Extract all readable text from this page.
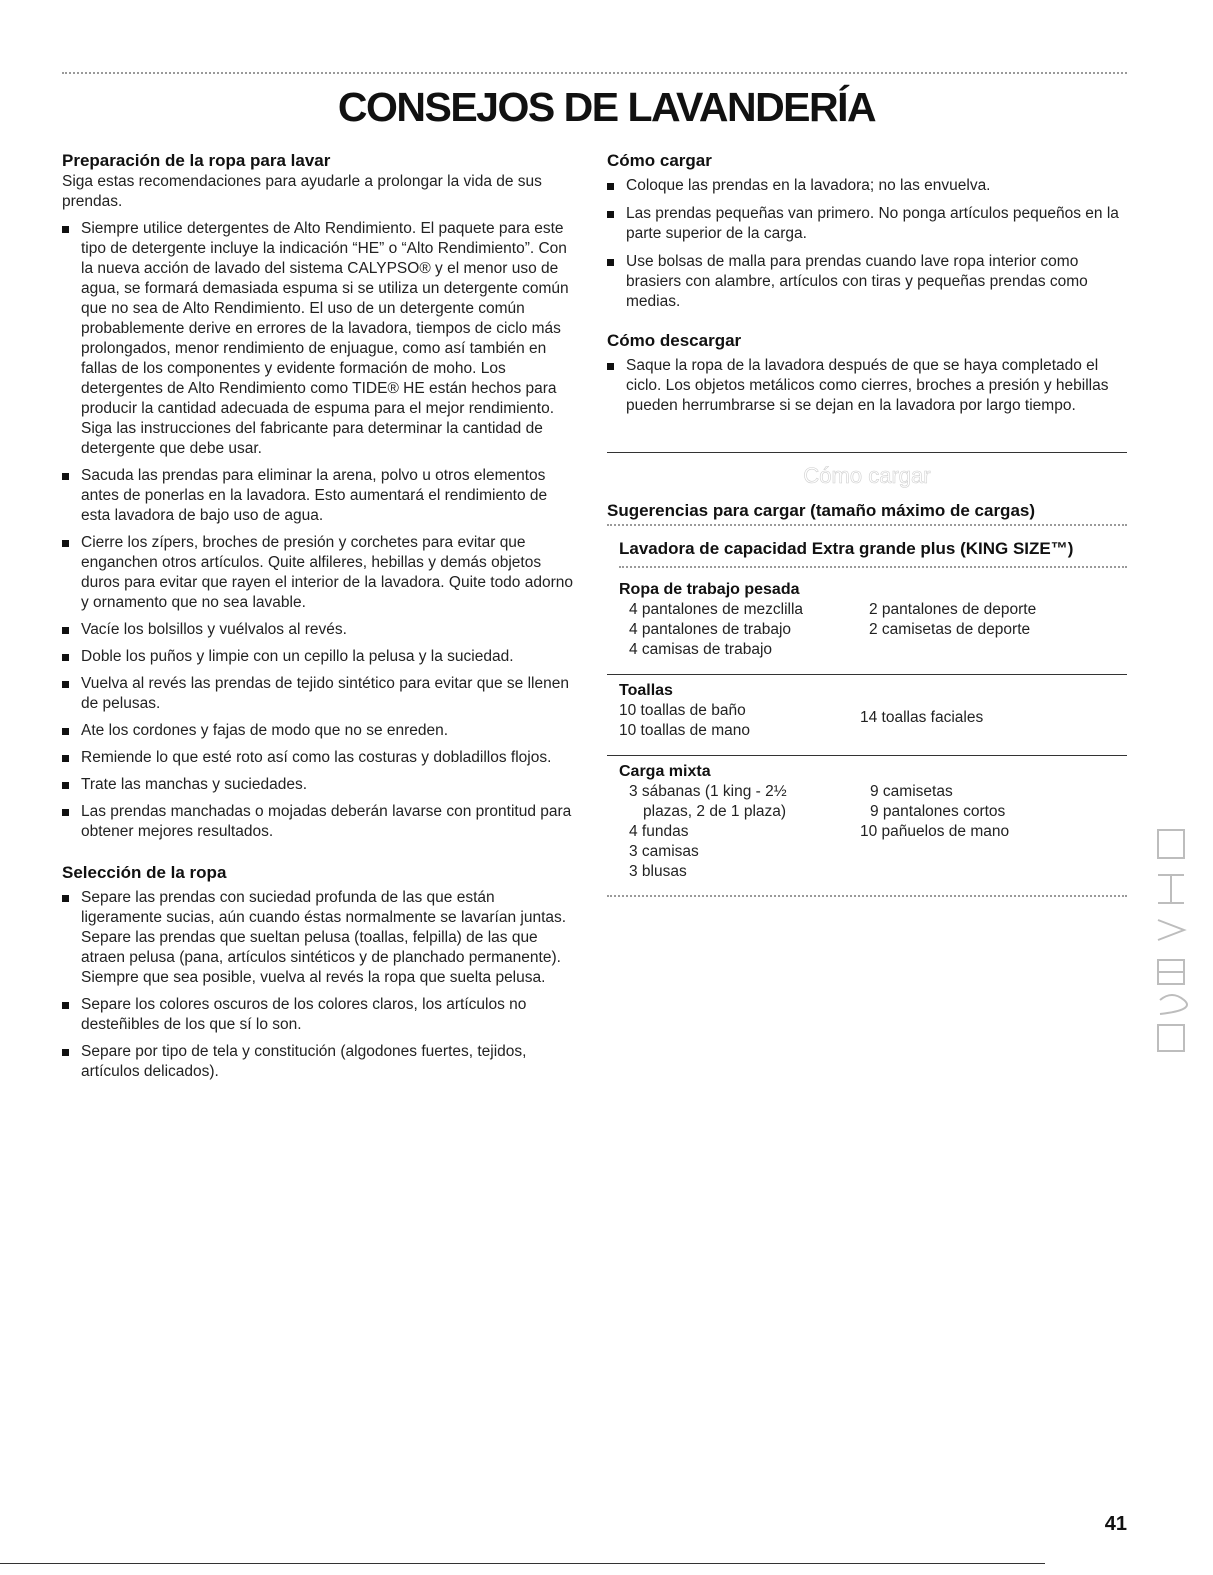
CONSEJOS DE LAVANDERÍA
Preparación de la ropa para lavar

Siga estas recomendaciones para ayudarle a prolongar la vida de sus prendas.

Siempre utilice detergentes de Alto Rendimiento. El paquete para este tipo de detergente incluye la indicación “HE” o “Alto Rendimiento”. Con la nueva acción de lavado del sistema CALYPSO® y el menor uso de agua, se formará demasiada espuma si se utiliza un detergente común que no sea de Alto Rendimiento. El uso de un detergente común probablemente derive en errores de la lavadora, tiempos de ciclo más prolongados, menor rendimiento de enjuague, como así también en fallas de los componentes y evidente formación de moho. Los detergentes de Alto Rendimiento como TIDE® HE están hechos para producir la cantidad adecuada de espuma para el mejor rendimiento. Siga las instrucciones del fabricante para determinar la cantidad de detergente que debe usar.
Sacuda las prendas para eliminar la arena, polvo u otros elementos antes de ponerlas en la lavadora. Esto aumentará el rendimiento de esta lavadora de bajo uso de agua.
Cierre los zípers, broches de presión y corchetes para evitar que enganchen otros artículos. Quite alfileres, hebillas y demás objetos duros para evitar que rayen el interior de la lavadora. Quite todo adorno y ornamento que no sea lavable.
Vacíe los bolsillos y vuélvalos al revés.
Doble los puños y limpie con un cepillo la pelusa y la suciedad.
Vuelva al revés las prendas de tejido sintético para evitar que se llenen de pelusas.
Ate los cordones y fajas de modo que no se enreden.
Remiende lo que esté roto así como las costuras y dobladillos flojos.
Trate las manchas y suciedades.
Las prendas manchadas o mojadas deberán lavarse con prontitud para obtener mejores resultados.
Selección de la ropa
Separe las prendas con suciedad profunda de las que están ligeramente sucias, aún cuando éstas normalmente se lavarían juntas. Separe las prendas que sueltan pelusa (toallas, felpilla) de las que atraen pelusa (pana, artículos sintéticos y de planchado permanente). Siempre que sea posible, vuelva al revés la ropa que suelta pelusa.
Separe los colores oscuros de los colores claros, los artículos no desteñibles de los que sí lo son.
Separe por tipo de tela y constitución (algodones fuertes, tejidos, artículos delicados).
Cómo cargar
Coloque las prendas en la lavadora; no las envuelva.
Las prendas pequeñas van primero. No ponga artículos pequeños en la parte superior de la carga.
Use bolsas de malla para prendas cuando lave ropa interior como brasiers con alambre, artículos con tiras y pequeñas prendas como medias.
Cómo descargar
Saque la ropa de la lavadora después de que se haya completado el ciclo. Los objetos metálicos como cierres, broches a presión y hebillas pueden herrumbrarse si se dejan en la lavadora por largo tiempo.
Cómo cargar
Sugerencias para cargar (tamaño máximo de cargas)
Lavadora de capacidad Extra grande plus (KING SIZE™)
Ropa de trabajo pesada
4 pantalones de mezclilla
4 pantalones de trabajo
4 camisas de trabajo
2 pantalones de deporte
2 camisetas de deporte
Toallas
10 toallas de baño
10 toallas de mano
14 toallas faciales
Carga mixta
3 sábanas (1 king - 2½
plazas, 2 de 1 plaza)
4 fundas
3 camisas
3 blusas
9 camisetas
9 pantalones cortos
10 pañuelos de mano
41
